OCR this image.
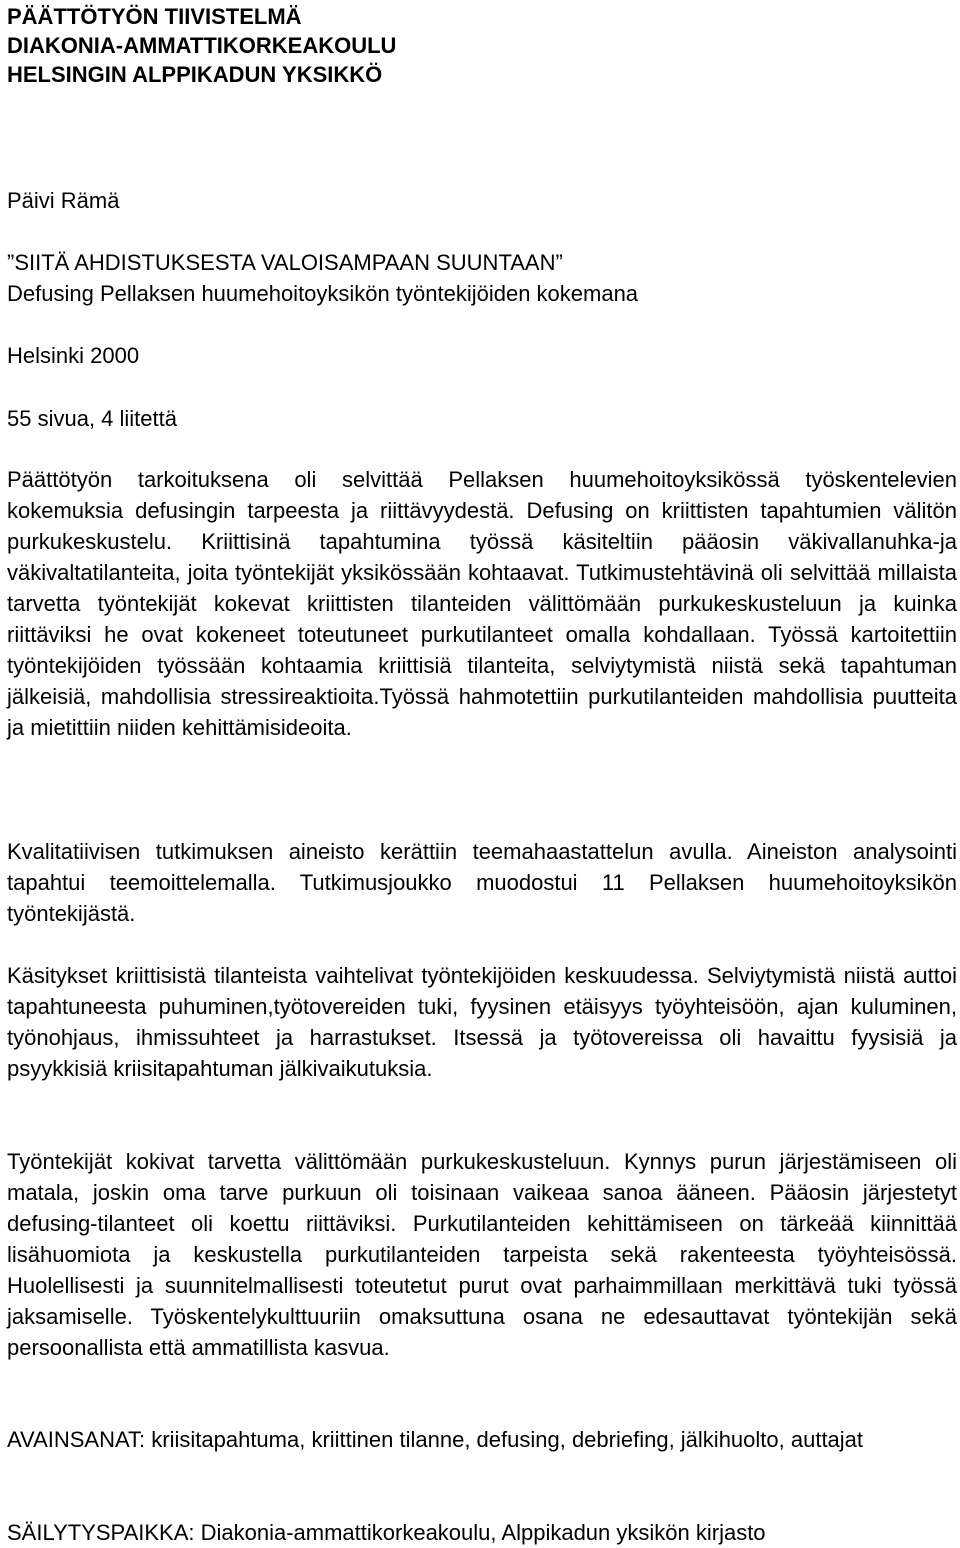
PÄÄTTÖTYÖN TIIVISTELMÄ

DIAKONIA-AMMATTIKORKEAKOULU

HELSINGIN ALPPIKADUN YKSIKKÖ

Päivi Rämä
”SIITÄ AHDISTUKSESTA VALOISAMPAAN SUUNTAAN”
Defusing Pellaksen huumehoitoyksikön työntekijöiden kokemana
Helsinki 2000
55 sivua, 4 liitettä

Päättötyön tarkoituksena oli selvittää Pellaksen huumehoitoyksikössä työskentelevien kokemuksia defusingin tarpeesta ja riittävyydestä. Defusing on kriittisten tapahtumien välitön purkukeskustelu. Kriittisinä tapahtumina työssä käsiteltiin pääosin väkivallanuhka-ja väkivaltatilanteita, joita työntekijät yksikössään kohtaavat. Tutkimustehtävinä oli selvittää millaista tarvetta työntekijät kokevat kriittisten tilanteiden välittömään purkukeskusteluun ja kuinka riittäviksi he ovat kokeneet toteutuneet purkutilanteet omalla kohdallaan. Työssä kartoitettiin työntekijöiden työssään kohtaamia kriittisiä tilanteita, selviytymistä niistä sekä tapahtuman jälkeisiä, mahdollisia stressireaktioita.Työssä hahmotettiin purkutilanteiden mahdollisia puutteita ja mietittiin niiden kehittämisideoita.

Kvalitatiivisen tutkimuksen aineisto kerättiin teemahaastattelun avulla. Aineiston analysointi tapahtui teemoittelemalla. Tutkimusjoukko muodostui 11 Pellaksen huumehoitoyksikön työntekijästä.

Käsitykset kriittisistä tilanteista vaihtelivat työntekijöiden keskuudessa. Selviytymistä niistä auttoi tapahtuneesta puhuminen,työtovereiden tuki, fyysinen etäisyys työyhteisöön, ajan kuluminen, työnohjaus, ihmissuhteet ja harrastukset. Itsessä ja työtovereissa oli havaittu fyysisiä ja psyykkisiä kriisitapahtuman jälkivaikutuksia.

Työntekijät kokivat tarvetta välittömään purkukeskusteluun. Kynnys purun järjestämiseen oli matala, joskin oma tarve purkuun oli toisinaan vaikeaa sanoa ääneen. Pääosin järjestetyt defusing-tilanteet oli koettu riittäviksi. Purkutilanteiden kehittämiseen on tärkeää kiinnittää lisähuomiota ja keskustella purkutilanteiden tarpeista sekä rakenteesta työyhteisössä. Huolellisesti ja suunnitelmallisesti toteutetut purut ovat parhaimmillaan merkittävä tuki työssä jaksamiselle. Työskentelykulttuuriin omaksuttuna osana ne edesauttavat työntekijän sekä persoonallista että ammatillista kasvua.

AVAINSANAT: kriisitapahtuma, kriittinen tilanne, defusing, debriefing, jälkihuolto, auttajat

SÄILYTYSPAIKKA: Diakonia-ammattikorkeakoulu, Alppikadun yksikön kirjasto
